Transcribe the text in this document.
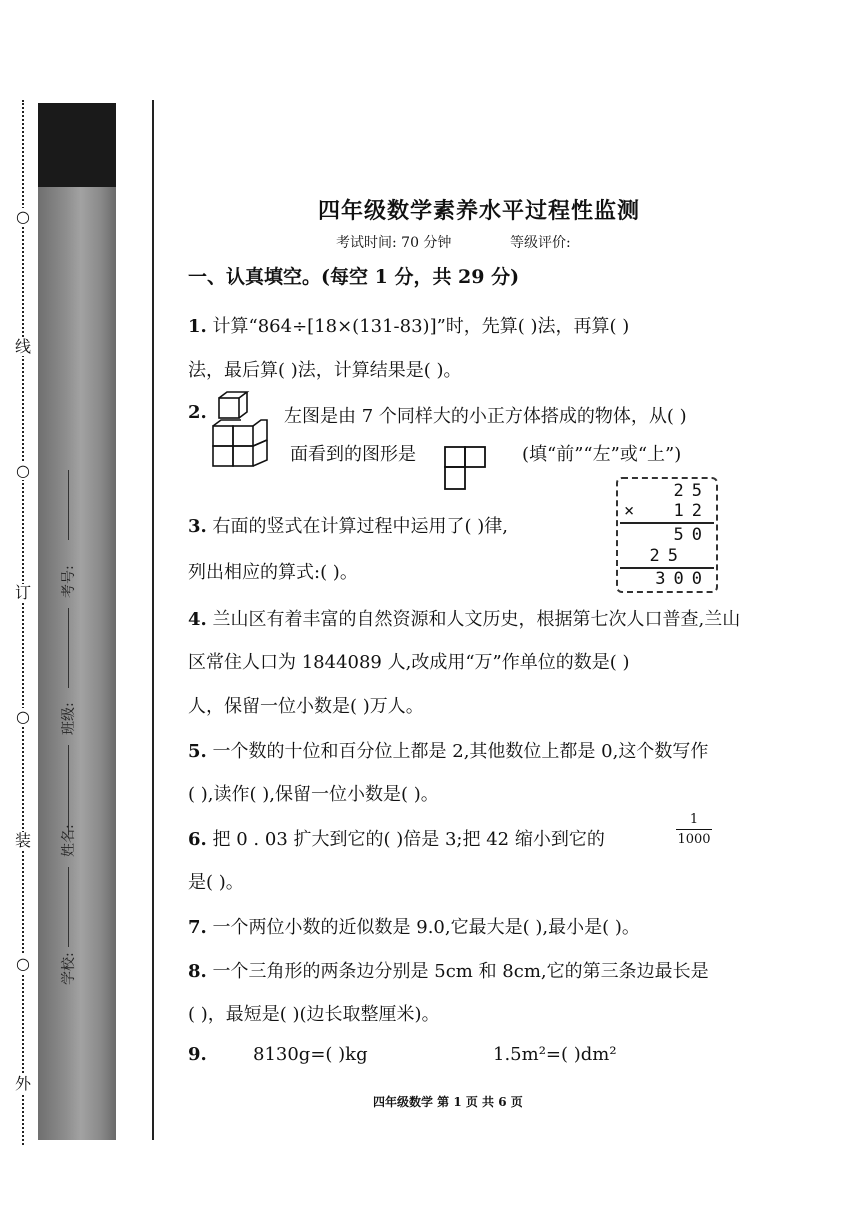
○
线
○
订
○
装
○
外
考号:
班级:
姓名:
学校:
四年级数学素养水平过程性监测
考试时间: 70 分钟	等级评价:
一、认真填空。(每空 1 分，共 29 分)
1. 计算“864÷[18×(131-83)]”时，先算( )法，再算( )
法，最后算( )法，计算结果是( )。
2.	左图是由 7 个同样大的小正方体搭成的物体，从( )
面看到的图形是	(填“前”“左”或“上”)
3. 右面的竖式在计算过程中运用了( )律,
列出相应的算式:( )。
25
× 12
50
25
300
4. 兰山区有着丰富的自然资源和人文历史，根据第七次人口普查,兰山
区常住人口为 1844089 人,改成用“万”作单位的数是( )
人，保留一位小数是( )万人。
5. 一个数的十位和百分位上都是 2,其他数位上都是 0,这个数写作
( ),读作( ),保留一位小数是( )。
6. 把 0 . 03 扩大到它的( )倍是 3;把 42 缩小到它的
1
1000
是( )。
7. 一个两位小数的近似数是 9.0,它最大是( ),最小是( )。
8. 一个三角形的两条边分别是 5cm 和 8cm,它的第三条边最长是
( )，最短是( )(边长取整厘米)。
9.	8130g=( )kg	1.5m²=( )dm²
四年级数学 第 1 页 共 6 页
